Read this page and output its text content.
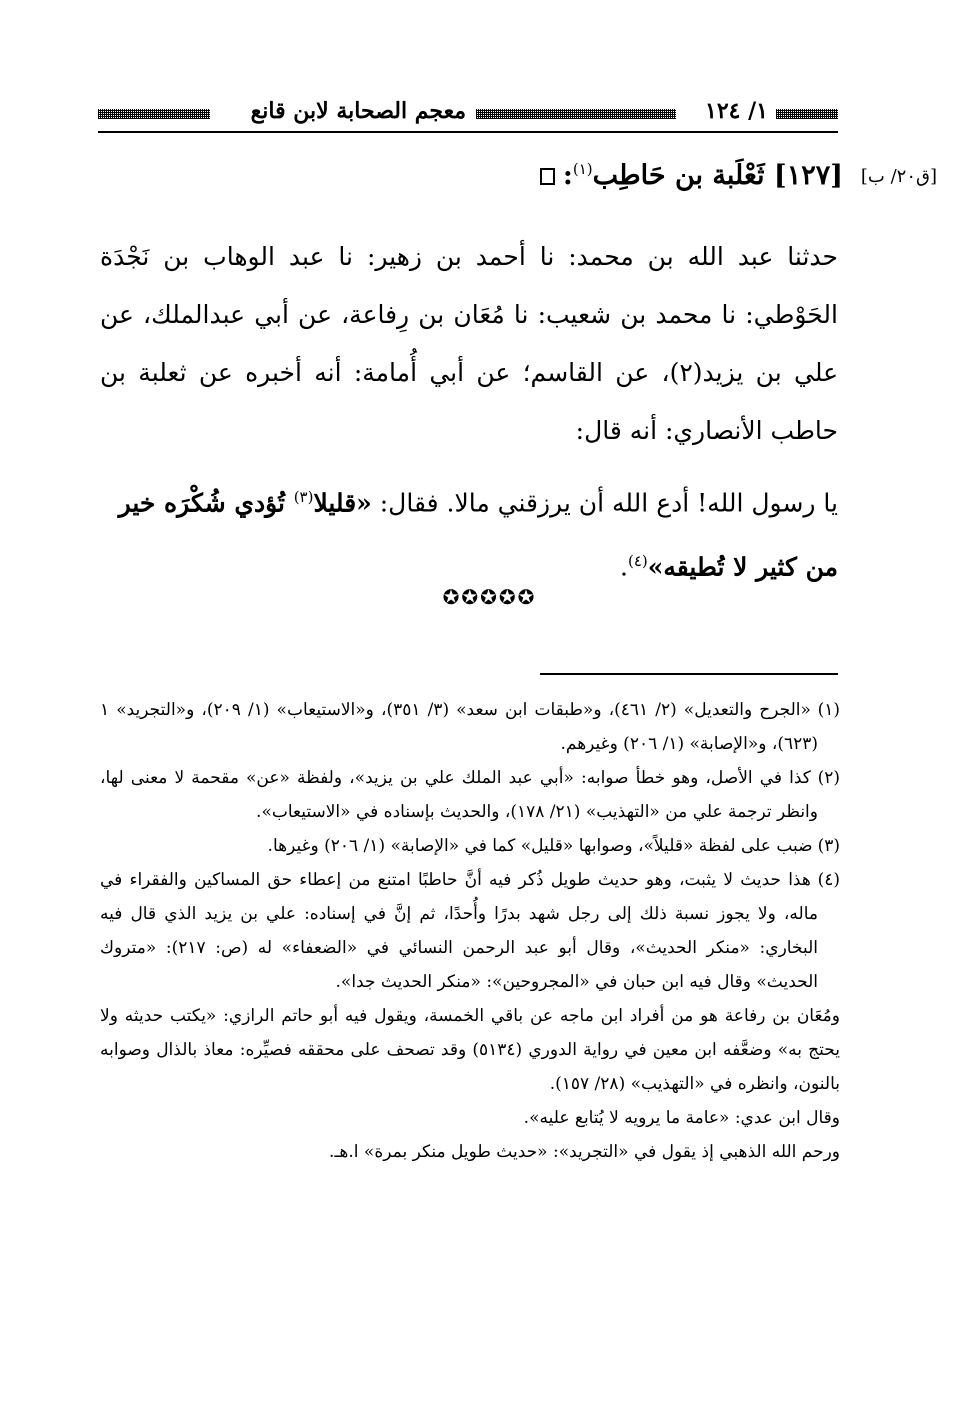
١/ ١٢٤
معجم الصحابة لابن قانع
[ق٢٠/ ب]
[١٢٧] ثَعْلَبة بن حَاطِب$^{(١)}$:
حدثنا عبد الله بن محمد: نا أحمد بن زهير: نا عبد الوهاب بن نَجْدَة الحَوْطي: نا محمد بن شعيب: نا مُعَان بن رِفاعة، عن أبي عبدالملك، عن علي بن يزيد(٢)، عن القاسم؛ عن أبي أُمامة: أنه أخبره عن ثعلبة بن حاطب الأنصاري: أنه قال:
يا رسول الله! أدع الله أن يرزقني مالا. فقال: «قليلا$^{(٣)}$ تُؤدي شُكْرَه خير من كثير لا تُطيقه»$^{(٤)}$.
✪✪✪✪✪

(١) «الجرح والتعديل» (٢/ ٤٦١)، و«طبقات ابن سعد» (٣/ ٣٥١)، و«الاستيعاب» (١/ ٢٠٩)، و«التجريد» ١ (٦٢٣)، و«الإصابة» (١/ ٢٠٦) وغيرهم.

(٢) كذا في الأصل، وهو خطأ صوابه: «أبي عبد الملك علي بن يزيد»، ولفظة «عن» مقحمة لا معنى لها، وانظر ترجمة علي من «التهذيب» (٢١/ ١٧٨)، والحديث بإسناده في «الاستيعاب».

(٣) ضبب على لفظة «قليلاً»، وصوابها «قليل» كما في «الإصابة» (١/ ٢٠٦) وغيرها.

(٤) هذا حديث لا يثبت، وهو حديث طويل ذُكر فيه أنَّ حاطبًا امتنع من إعطاء حق المساكين والفقراء في ماله، ولا يجوز نسبة ذلك إلى رجل شهد بدرًا وأُحدًا، ثم إنَّ في إسناده: علي بن يزيد الذي قال فيه البخاري: «منكر الحديث»، وقال أبو عبد الرحمن النسائي في «الضعفاء» له (ص: ٢١٧): «متروك الحديث» وقال فيه ابن حبان في «المجروحين»: «منكر الحديث جدا».

ومُعَان بن رفاعة هو من أفراد ابن ماجه عن باقي الخمسة، ويقول فيه أبو حاتم الرازي: «يكتب حديثه ولا يحتج به» وضعَّفه ابن معين في رواية الدوري (٥١٣٤) وقد تصحف على محققه فصيِّره: معاذ بالذال وصوابه بالنون، وانظره في «التهذيب» (٢٨/ ١٥٧).

وقال ابن عدي: «عامة ما يرويه لا يُتابع عليه».

ورحم الله الذهبي إذ يقول في «التجريد»: «حديث طويل منكر بمرة» ا.هـ.
